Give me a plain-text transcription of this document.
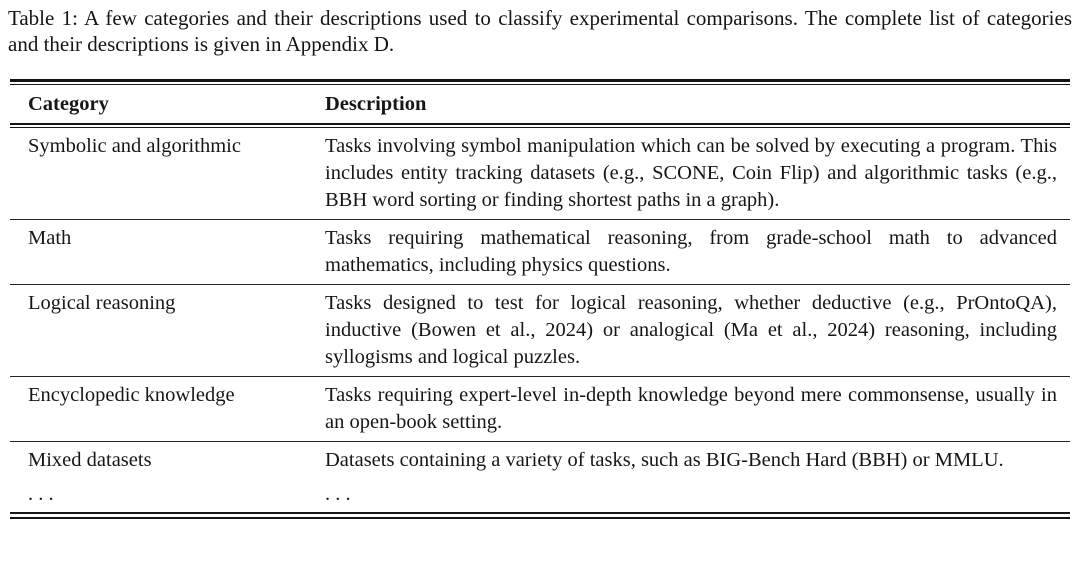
Table 1: A few categories and their descriptions used to classify experimental comparisons. The complete list of categories and their descriptions is given in Appendix D.

Category	Description
Symbolic and algorithmic	Tasks involving symbol manipulation which can be solved by executing a program. This includes entity tracking datasets (e.g., SCONE, Coin Flip) and algorithmic tasks (e.g., BBH word sorting or finding shortest paths in a graph).
Math	Tasks requiring mathematical reasoning, from grade-school math to advanced mathematics, including physics questions.
Logical reasoning	Tasks designed to test for logical reasoning, whether deductive (e.g., PrOntoQA), inductive (Bowen et al., 2024) or analogical (Ma et al., 2024) reasoning, including syllogisms and logical puzzles.
Encyclopedic knowledge	Tasks requiring expert-level in-depth knowledge beyond mere commonsense, usually in an open-book setting.
Mixed datasets	Datasets containing a variety of tasks, such as BIG-Bench Hard (BBH) or MMLU.
. . .	. . .
